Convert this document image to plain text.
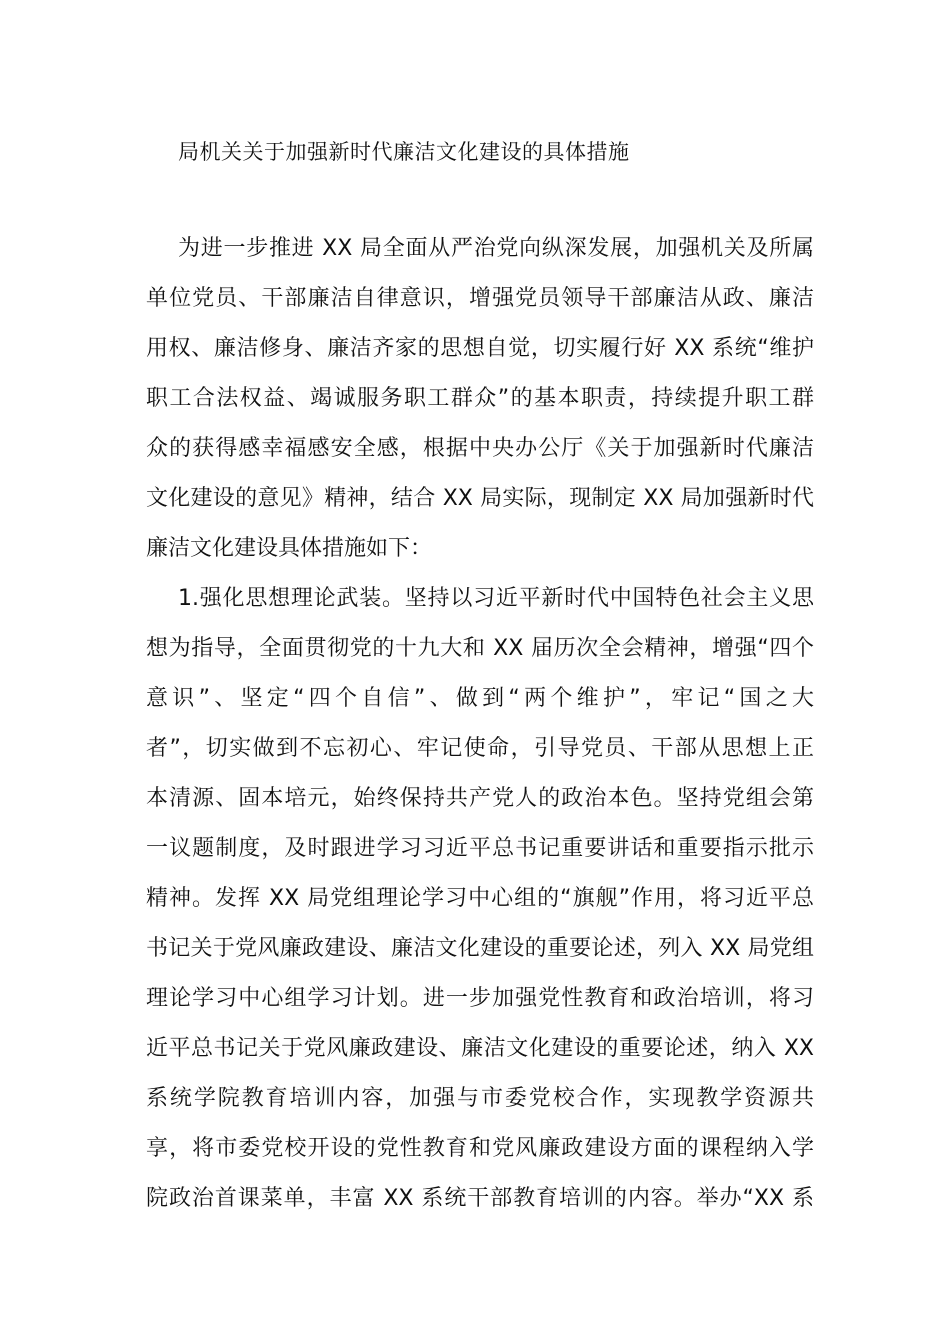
局机关关于加强新时代廉洁文化建设的具体措施
为进一步推进 XX 局全面从严治党向纵深发展，加强机关及所属
单位党员、干部廉洁自律意识，增强党员领导干部廉洁从政、廉洁
用权、廉洁修身、廉洁齐家的思想自觉，切实履行好 XX 系统“维护
职工合法权益、竭诚服务职工群众”的基本职责，持续提升职工群
众的获得感幸福感安全感，根据中央办公厅《关于加强新时代廉洁
文化建设的意见》精神，结合 XX 局实际，现制定 XX 局加强新时代
廉洁文化建设具体措施如下：
1.强化思想理论武装。坚持以习近平新时代中国特色社会主义思
想为指导，全面贯彻党的十九大和 XX 届历次全会精神，增强“四个
意识”、坚定“四个自信”、做到“两个维护”，牢记“国之大
者”，切实做到不忘初心、牢记使命，引导党员、干部从思想上正
本清源、固本培元，始终保持共产党人的政治本色。坚持党组会第
一议题制度，及时跟进学习习近平总书记重要讲话和重要指示批示
精神。发挥 XX 局党组理论学习中心组的“旗舰”作用，将习近平总
书记关于党风廉政建设、廉洁文化建设的重要论述，列入 XX 局党组
理论学习中心组学习计划。进一步加强党性教育和政治培训，将习
近平总书记关于党风廉政建设、廉洁文化建设的重要论述，纳入 XX
系统学院教育培训内容，加强与市委党校合作，实现教学资源共
享，将市委党校开设的党性教育和党风廉政建设方面的课程纳入学
院政治首课菜单，丰富 XX 系统干部教育培训的内容。举办“XX 系
